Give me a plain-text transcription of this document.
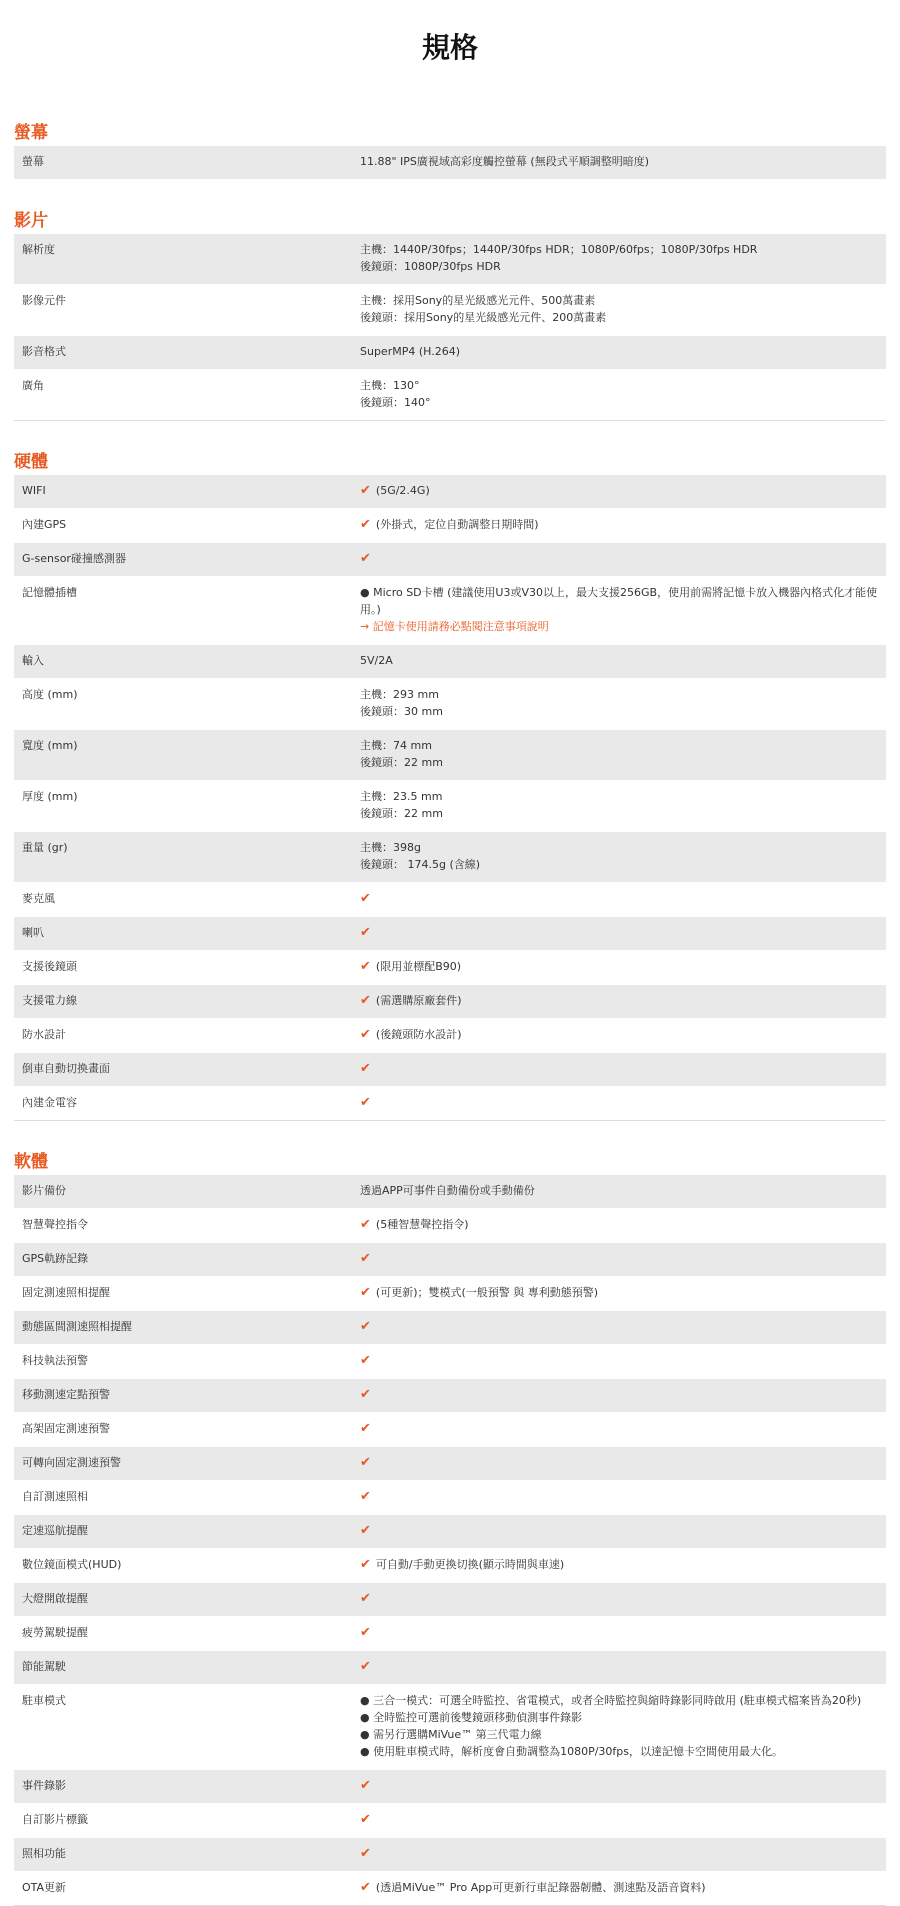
規格
螢幕
螢幕	11.88" IPS廣視域高彩度觸控螢幕 (無段式平順調整明暗度)
影片
解析度	主機：1440P/30fps；1440P/30fps HDR；1080P/60fps；1080P/30fps HDR
後鏡頭：1080P/30fps HDR
影像元件	主機：採用Sony的星光級感光元件、500萬畫素
後鏡頭：採用Sony的星光級感光元件、200萬畫素
影音格式	SuperMP4 (H.264)
廣角	主機：130°
後鏡頭：140°
硬體
WIFI	✔ (5G/2.4G)
內建GPS	✔ (外掛式，定位自動調整日期時間)
G-sensor碰撞感測器	✔
記憶體插槽	● Micro SD卡槽 (建議使用U3或V30以上，最大支援256GB，使用前需將記憶卡放入機器內格式化才能使用。)
→ 記憶卡使用請務必點閱注意事項說明
輸入	5V/2A
高度 (mm)	主機：293 mm
後鏡頭：30 mm
寬度 (mm)	主機：74 mm
後鏡頭：22 mm
厚度 (mm)	主機：23.5 mm
後鏡頭：22 mm
重量 (gr)	主機：398g
後鏡頭： 174.5g (含線)
麥克風	✔
喇叭	✔
支援後鏡頭	✔ (限用並標配B90)
支援電力線	✔ (需選購原廠套件)
防水設計	✔ (後鏡頭防水設計)
倒車自動切換畫面	✔
內建金電容	✔
軟體
影片備份	透過APP可事件自動備份或手動備份
智慧聲控指令	✔ (5種智慧聲控指令)
GPS軌跡記錄	✔
固定測速照相提醒	✔ (可更新)；雙模式(一般預警 與 專利動態預警)
動態區間測速照相提醒	✔
科技執法預警	✔
移動測速定點預警	✔
高架固定測速預警	✔
可轉向固定測速預警	✔
自訂測速照相	✔
定速巡航提醒	✔
數位鏡面模式(HUD)	✔ 可自動/手動更換切換(顯示時間與車速)
大燈開啟提醒	✔
疲勞駕駛提醒	✔
節能駕駛	✔
駐車模式	● 三合一模式：可選全時監控、省電模式，或者全時監控與縮時錄影同時啟用 (駐車模式檔案皆為20秒)
● 全時監控可選前後雙鏡頭移動偵測事件錄影
● 需另行選購MiVue™ 第三代電力線
● 使用駐車模式時，解析度會自動調整為1080P/30fps，以達記憶卡空間使用最大化。
事件錄影	✔
自訂影片標籤	✔
照相功能	✔
OTA更新	✔ (透過MiVue™ Pro App可更新行車記錄器韌體、測速點及語音資料)
